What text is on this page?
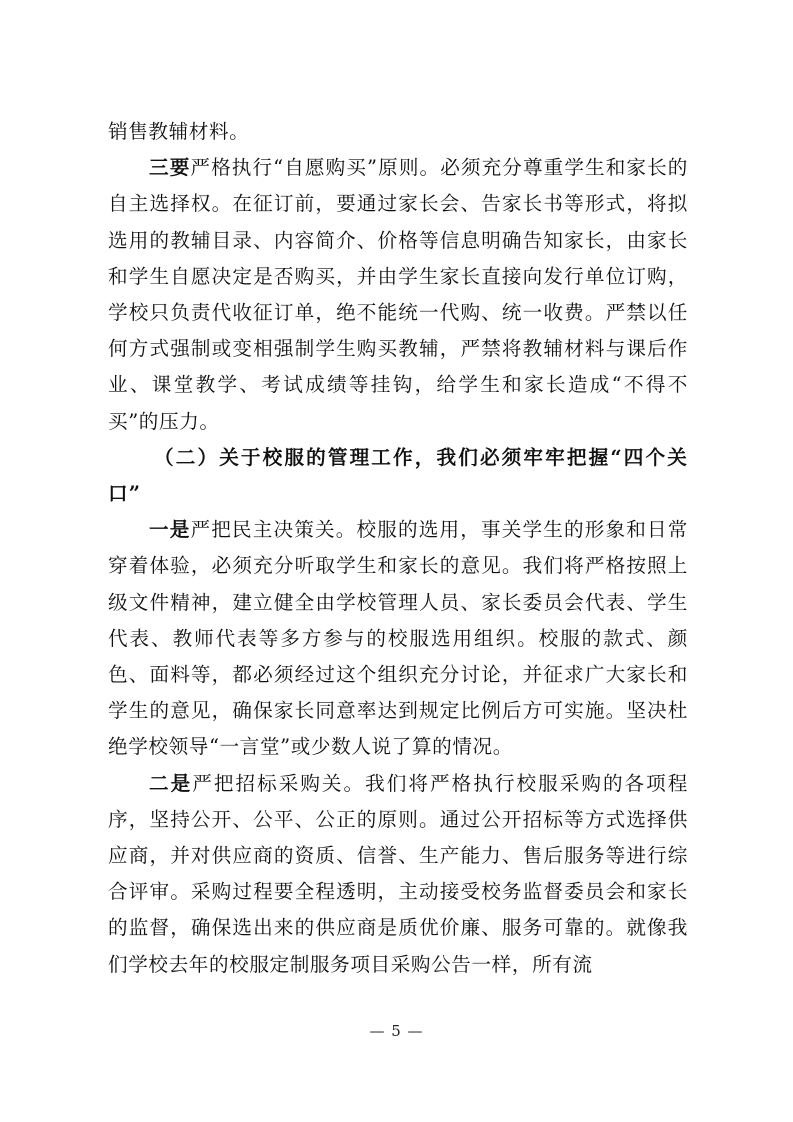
销售教辅材料。

三要严格执行“自愿购买”原则。必须充分尊重学生和家长的自主选择权。在征订前，要通过家长会、告家长书等形式，将拟选用的教辅目录、内容简介、价格等信息明确告知家长，由家长和学生自愿决定是否购买，并由学生家长直接向发行单位订购，学校只负责代收征订单，绝不能统一代购、统一收费。严禁以任何方式强制或变相强制学生购买教辅，严禁将教辅材料与课后作业、课堂教学、考试成绩等挂钩，给学生和家长造成“不得不买”的压力。

（二）关于校服的管理工作，我们必须牢牢把握“四个关口”

一是严把民主决策关。校服的选用，事关学生的形象和日常穿着体验，必须充分听取学生和家长的意见。我们将严格按照上级文件精神，建立健全由学校管理人员、家长委员会代表、学生代表、教师代表等多方参与的校服选用组织。校服的款式、颜色、面料等，都必须经过这个组织充分讨论，并征求广大家长和学生的意见，确保家长同意率达到规定比例后方可实施。坚决杜绝学校领导“一言堂”或少数人说了算的情况。

二是严把招标采购关。我们将严格执行校服采购的各项程序，坚持公开、公平、公正的原则。通过公开招标等方式选择供应商，并对供应商的资质、信誉、生产能力、售后服务等进行综合评审。采购过程要全程透明，主动接受校务监督委员会和家长的监督，确保选出来的供应商是质优价廉、服务可靠的。就像我们学校去年的校服定制服务项目采购公告一样，所有流

— 5 —
